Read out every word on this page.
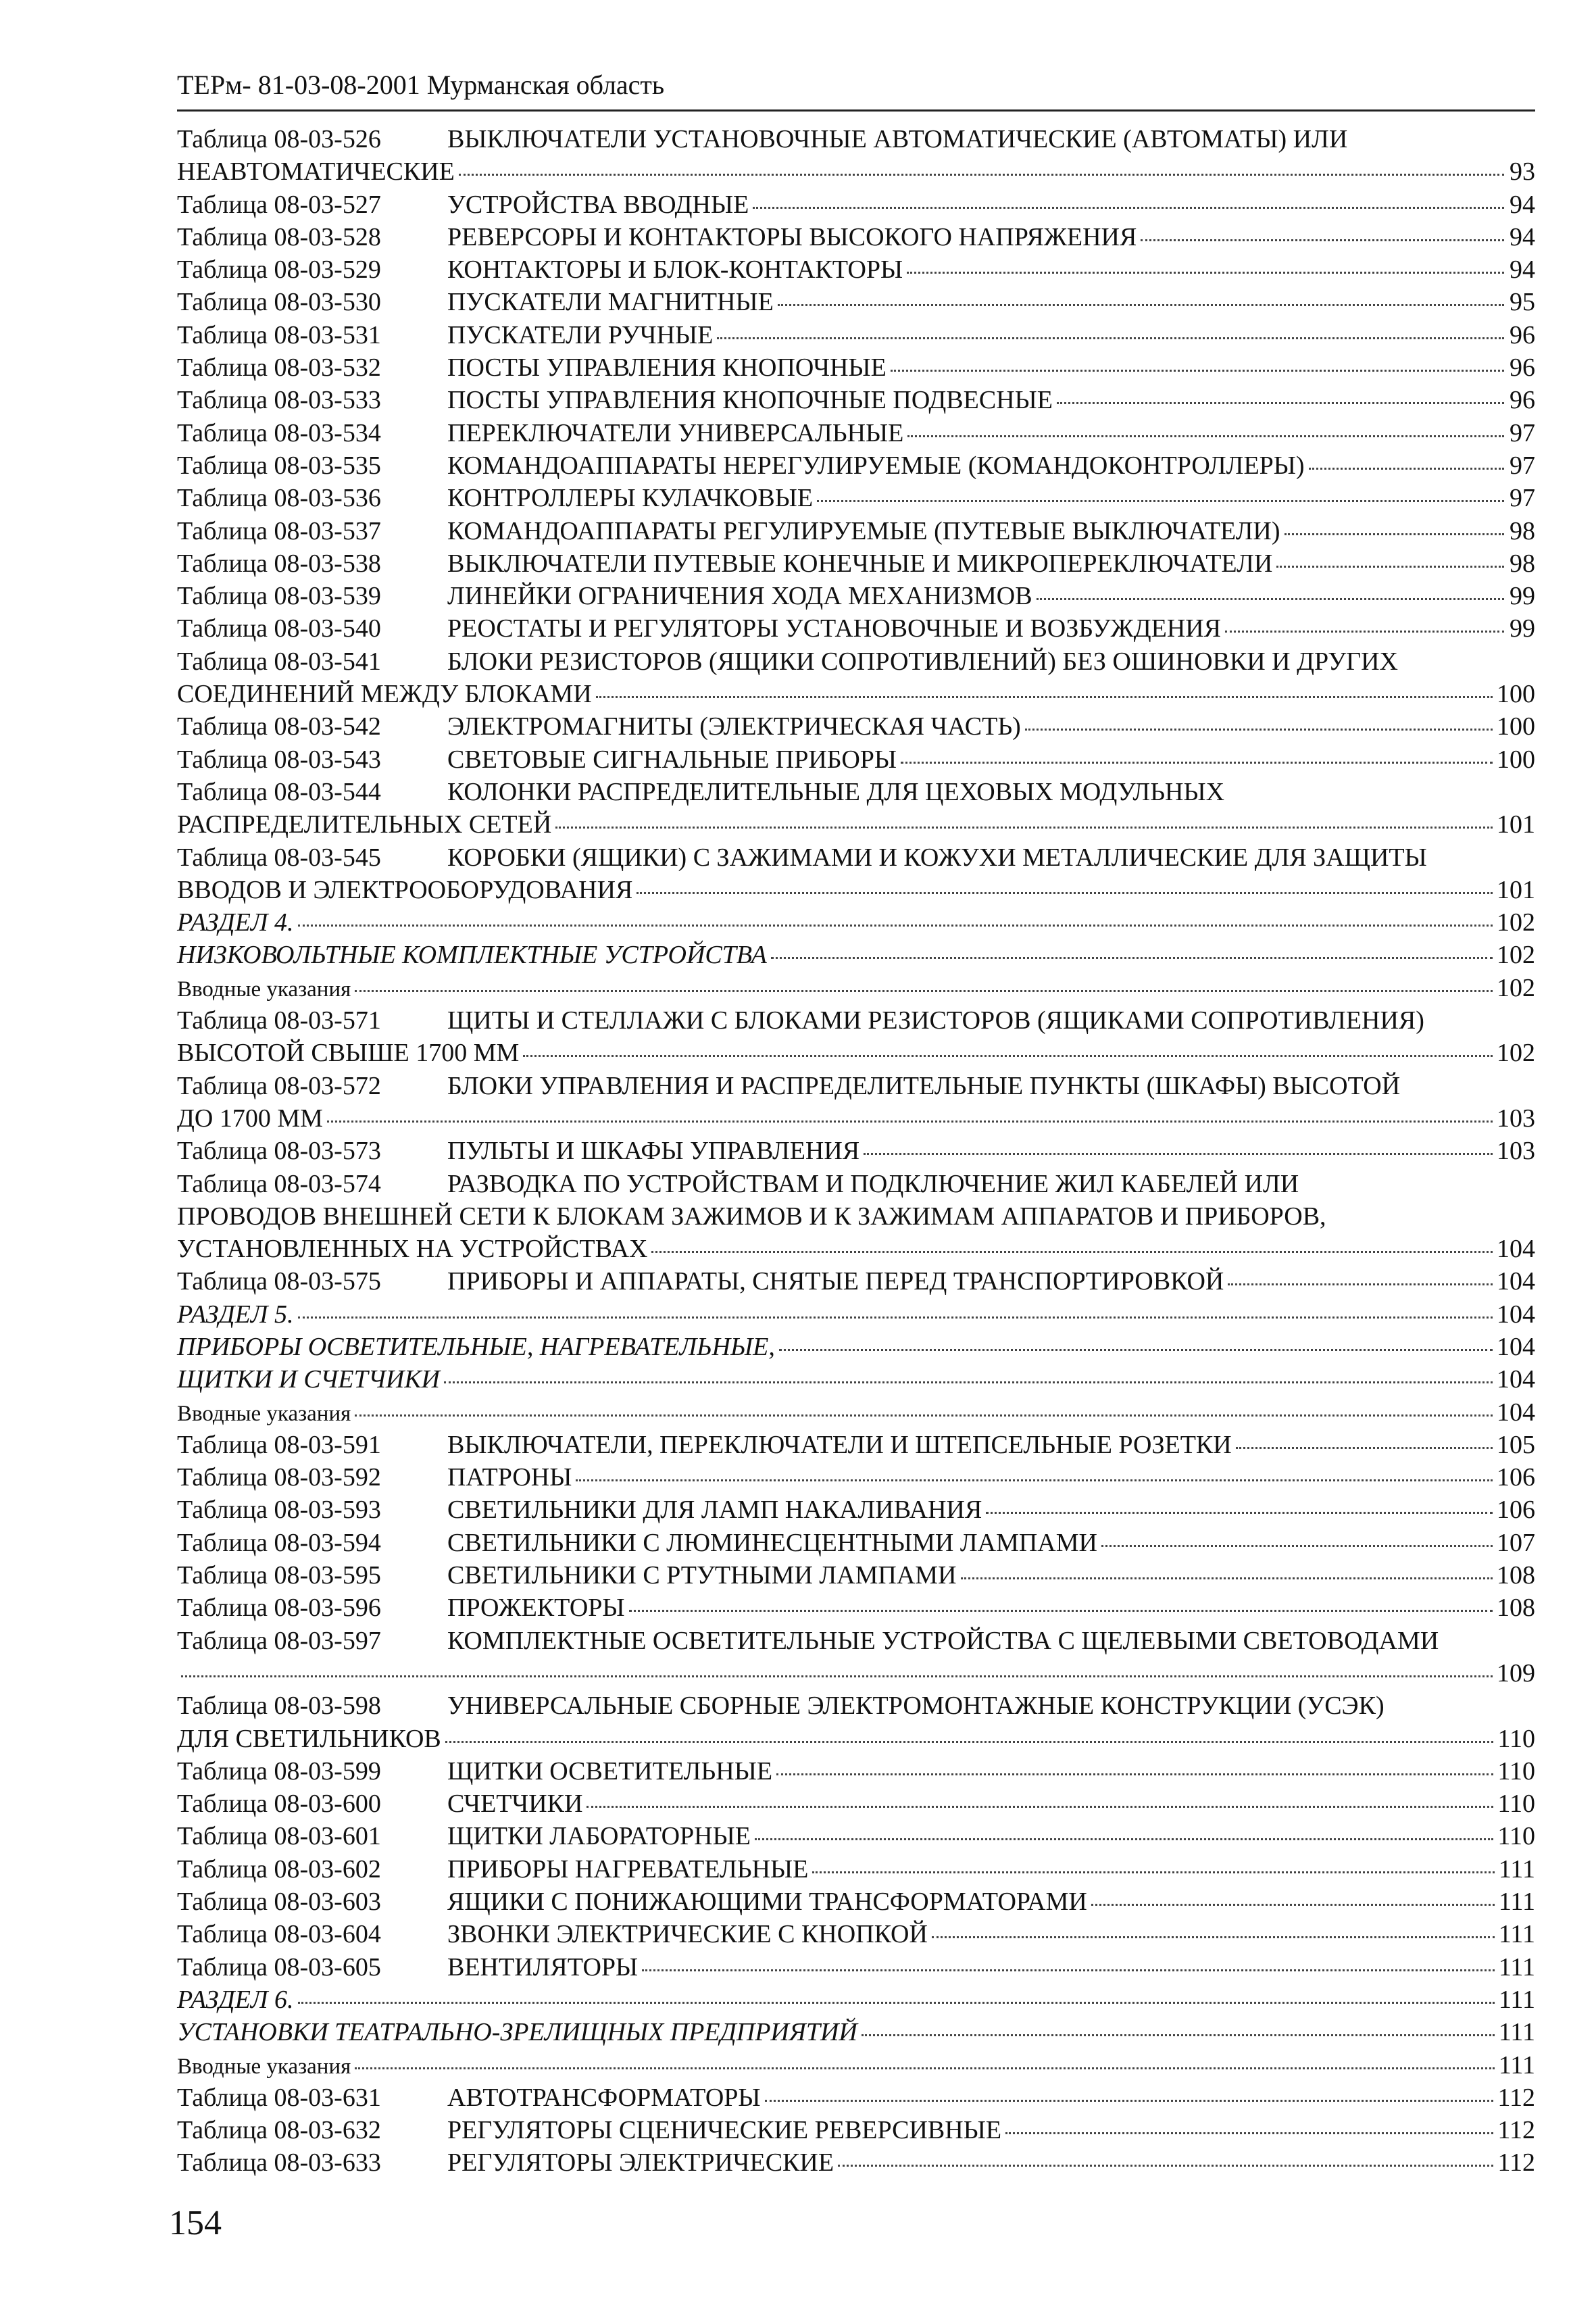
ТЕРм- 81-03-08-2001 Мурманская область
Таблица 08-03-526	ВЫКЛЮЧАТЕЛИ УСТАНОВОЧНЫЕ АВТОМАТИЧЕСКИЕ (АВТОМАТЫ) ИЛИ
НЕАВТОМАТИЧЕСКИЕ	93
Таблица 08-03-527	УСТРОЙСТВА ВВОДНЫЕ	94
Таблица 08-03-528	РЕВЕРСОРЫ И КОНТАКТОРЫ ВЫСОКОГО НАПРЯЖЕНИЯ	94
Таблица 08-03-529	КОНТАКТОРЫ И БЛОК-КОНТАКТОРЫ	94
Таблица 08-03-530	ПУСКАТЕЛИ МАГНИТНЫЕ	95
Таблица 08-03-531	ПУСКАТЕЛИ РУЧНЫЕ	96
Таблица 08-03-532	ПОСТЫ УПРАВЛЕНИЯ КНОПОЧНЫЕ	96
Таблица 08-03-533	ПОСТЫ УПРАВЛЕНИЯ КНОПОЧНЫЕ ПОДВЕСНЫЕ	96
Таблица 08-03-534	ПЕРЕКЛЮЧАТЕЛИ УНИВЕРСАЛЬНЫЕ	97
Таблица 08-03-535	КОМАНДОАППАРАТЫ НЕРЕГУЛИРУЕМЫЕ (КОМАНДОКОНТРОЛЛЕРЫ)	97
Таблица 08-03-536	КОНТРОЛЛЕРЫ КУЛАЧКОВЫЕ	97
Таблица 08-03-537	КОМАНДОАППАРАТЫ РЕГУЛИРУЕМЫЕ (ПУТЕВЫЕ ВЫКЛЮЧАТЕЛИ)	98
Таблица 08-03-538	ВЫКЛЮЧАТЕЛИ ПУТЕВЫЕ КОНЕЧНЫЕ И МИКРОПЕРЕКЛЮЧАТЕЛИ	98
Таблица 08-03-539	ЛИНЕЙКИ ОГРАНИЧЕНИЯ ХОДА МЕХАНИЗМОВ	99
Таблица 08-03-540	РЕОСТАТЫ И РЕГУЛЯТОРЫ УСТАНОВОЧНЫЕ И ВОЗБУЖДЕНИЯ	99
Таблица 08-03-541	БЛОКИ РЕЗИСТОРОВ (ЯЩИКИ СОПРОТИВЛЕНИЙ) БЕЗ ОШИНОВКИ И ДРУГИХ
СОЕДИНЕНИЙ МЕЖДУ БЛОКАМИ	100
Таблица 08-03-542	ЭЛЕКТРОМАГНИТЫ (ЭЛЕКТРИЧЕСКАЯ ЧАСТЬ)	100
Таблица 08-03-543	СВЕТОВЫЕ СИГНАЛЬНЫЕ ПРИБОРЫ	100
Таблица 08-03-544	КОЛОНКИ РАСПРЕДЕЛИТЕЛЬНЫЕ ДЛЯ ЦЕХОВЫХ МОДУЛЬНЫХ
РАСПРЕДЕЛИТЕЛЬНЫХ СЕТЕЙ	101
Таблица 08-03-545	КОРОБКИ (ЯЩИКИ) С ЗАЖИМАМИ И КОЖУХИ МЕТАЛЛИЧЕСКИЕ ДЛЯ ЗАЩИТЫ
ВВОДОВ И ЭЛЕКТРООБОРУДОВАНИЯ	101
РАЗДЕЛ 4.	102
НИЗКОВОЛЬТНЫЕ КОМПЛЕКТНЫЕ УСТРОЙСТВА	102
Вводные указания	102
Таблица 08-03-571	ЩИТЫ И СТЕЛЛАЖИ С БЛОКАМИ РЕЗИСТОРОВ (ЯЩИКАМИ СОПРОТИВЛЕНИЯ)
ВЫСОТОЙ СВЫШЕ 1700 ММ	102
Таблица 08-03-572	БЛОКИ УПРАВЛЕНИЯ И РАСПРЕДЕЛИТЕЛЬНЫЕ ПУНКТЫ (ШКАФЫ) ВЫСОТОЙ
ДО 1700 ММ	103
Таблица 08-03-573	ПУЛЬТЫ И ШКАФЫ УПРАВЛЕНИЯ	103
Таблица 08-03-574	РАЗВОДКА ПО УСТРОЙСТВАМ И ПОДКЛЮЧЕНИЕ ЖИЛ КАБЕЛЕЙ ИЛИ
ПРОВОДОВ ВНЕШНЕЙ СЕТИ К БЛОКАМ ЗАЖИМОВ И К ЗАЖИМАМ АППАРАТОВ И ПРИБОРОВ,
УСТАНОВЛЕННЫХ НА УСТРОЙСТВАХ	104
Таблица 08-03-575	ПРИБОРЫ И АППАРАТЫ, СНЯТЫЕ ПЕРЕД ТРАНСПОРТИРОВКОЙ	104
РАЗДЕЛ 5.	104
ПРИБОРЫ ОСВЕТИТЕЛЬНЫЕ, НАГРЕВАТЕЛЬНЫЕ,	104
ЩИТКИ И СЧЕТЧИКИ	104
Вводные указания	104
Таблица 08-03-591	ВЫКЛЮЧАТЕЛИ, ПЕРЕКЛЮЧАТЕЛИ И ШТЕПСЕЛЬНЫЕ РОЗЕТКИ	105
Таблица 08-03-592	ПАТРОНЫ	106
Таблица 08-03-593	СВЕТИЛЬНИКИ ДЛЯ ЛАМП НАКАЛИВАНИЯ	106
Таблица 08-03-594	СВЕТИЛЬНИКИ С ЛЮМИНЕСЦЕНТНЫМИ ЛАМПАМИ	107
Таблица 08-03-595	СВЕТИЛЬНИКИ С РТУТНЫМИ ЛАМПАМИ	108
Таблица 08-03-596	ПРОЖЕКТОРЫ	108
Таблица 08-03-597	КОМПЛЕКТНЫЕ ОСВЕТИТЕЛЬНЫЕ УСТРОЙСТВА С ЩЕЛЕВЫМИ СВЕТОВОДАМИ
109
Таблица 08-03-598	УНИВЕРСАЛЬНЫЕ СБОРНЫЕ ЭЛЕКТРОМОНТАЖНЫЕ КОНСТРУКЦИИ (УСЭК)
ДЛЯ СВЕТИЛЬНИКОВ	110
Таблица 08-03-599	ЩИТКИ ОСВЕТИТЕЛЬНЫЕ	110
Таблица 08-03-600	СЧЕТЧИКИ	110
Таблица 08-03-601	ЩИТКИ ЛАБОРАТОРНЫЕ	110
Таблица 08-03-602	ПРИБОРЫ НАГРЕВАТЕЛЬНЫЕ	111
Таблица 08-03-603	ЯЩИКИ С ПОНИЖАЮЩИМИ ТРАНСФОРМАТОРАМИ	111
Таблица 08-03-604	ЗВОНКИ ЭЛЕКТРИЧЕСКИЕ С КНОПКОЙ	111
Таблица 08-03-605	ВЕНТИЛЯТОРЫ	111
РАЗДЕЛ 6.	111
УСТАНОВКИ ТЕАТРАЛЬНО-ЗРЕЛИЩНЫХ ПРЕДПРИЯТИЙ	111
Вводные указания	111
Таблица 08-03-631	АВТОТРАНСФОРМАТОРЫ	112
Таблица 08-03-632	РЕГУЛЯТОРЫ СЦЕНИЧЕСКИЕ РЕВЕРСИВНЫЕ	112
Таблица 08-03-633	РЕГУЛЯТОРЫ ЭЛЕКТРИЧЕСКИЕ	112
154
